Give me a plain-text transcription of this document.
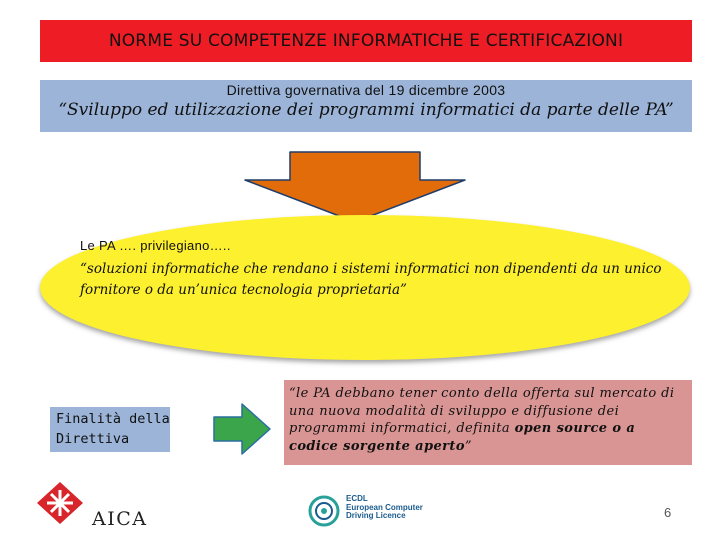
NORME SU COMPETENZE INFORMATICHE E CERTIFICAZIONI
Direttiva governativa del 19 dicembre 2003
“Sviluppo ed utilizzazione dei programmi informatici da parte delle PA”
Le PA …. privilegiano…..
“soluzioni informatiche che rendano i sistemi informatici non dipendenti da un unico fornitore o da un’unica tecnologia proprietaria”
Finalità della
Direttiva
“le PA debbano tener conto della offerta sul mercato di una nuova modalità di sviluppo e diffusione dei programmi informatici, definita open source o a codice sorgente aperto”
AICA
ECDL
European Computer
Driving Licence	6
